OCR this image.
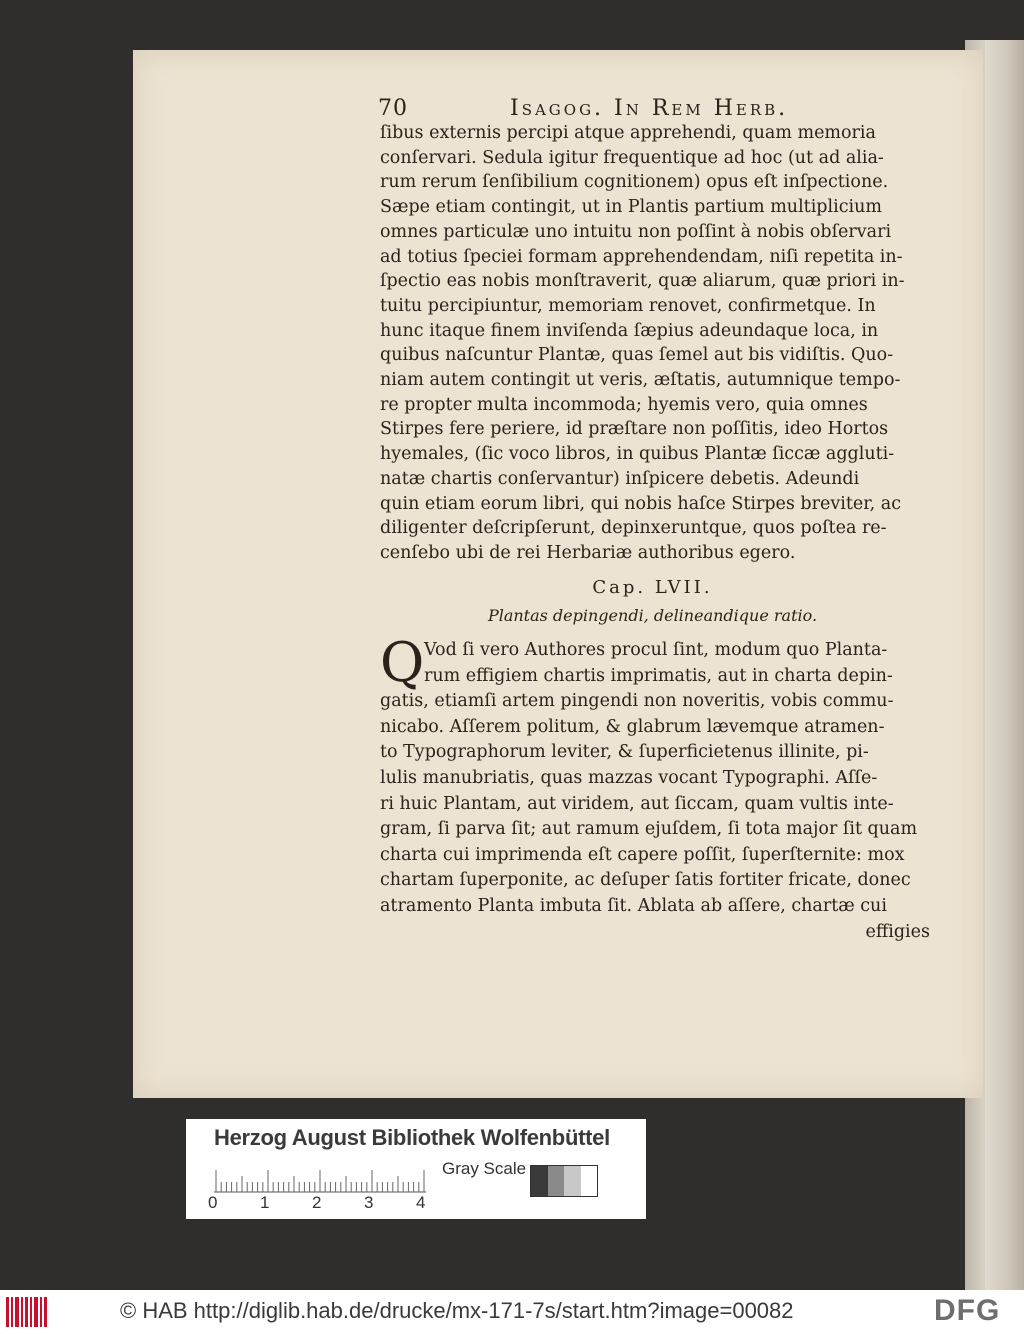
70	Isagog. In Rem Herb.
ſibus externis percipi atque apprehendi, quam memoria
conſervari. Sedula igitur frequentique ad hoc (ut ad alia-
rum rerum ſenſibilium cognitionem) opus eſt inſpectione.
Sæpe etiam contingit, ut in Plantis partium multiplicium
omnes particulæ uno intuitu non poſſint à nobis obſervari
ad totius ſpeciei formam apprehendendam, niſi repetita in-
ſpectio eas nobis monſtraverit, quæ aliarum, quæ priori in-
tuitu percipiuntur, memoriam renovet, confirmetque. In
hunc itaque finem inviſenda ſæpius adeundaque loca, in
quibus naſcuntur Plantæ, quas ſemel aut bis vidiſtis. Quo-
niam autem contingit ut veris, æſtatis, autumnique tempo-
re propter multa incommoda; hyemis vero, quia omnes
Stirpes fere periere, id præſtare non poſſitis, ideo Hortos
hyemales, (ſic voco libros, in quibus Plantæ ſiccæ aggluti-
natæ chartis conſervantur) inſpicere debetis. Adeundi
quin etiam eorum libri, qui nobis haſce Stirpes breviter, ac
diligenter deſcripſerunt, depinxeruntque, quos poſtea re-
cenſebo ubi de rei Herbariæ authoribus egero.
Cap. LVII.
Plantas depingendi, delineandique ratio.
Q Vod ſi vero Authores procul ſint, modum quo Planta-
rum effigiem chartis imprimatis, aut in charta depin-
gatis, etiamſi artem pingendi non noveritis, vobis commu-
nicabo. Aſſerem politum, & glabrum lævemque atramen-
to Typographorum leviter, & ſuperficietenus illinite, pi-
lulis manubriatis, quas mazzas vocant Typographi. Aſſe-
ri huic Plantam, aut viridem, aut ſiccam, quam vultis inte-
gram, ſi parva ſit; aut ramum ejuſdem, ſi tota major ſit quam
charta cui imprimenda eſt capere poſſit, ſuperſternite: mox
chartam ſuperponite, ac deſuper ſatis fortiter fricate, donec
atramento Planta imbuta ſit. Ablata ab aſſere, chartæ cui
effigies
Herzog August Bibliothek Wolfenbüttel
0	1	2	3	4
Gray Scale
© HAB http://diglib.hab.de/drucke/mx-171-7s/start.htm?image=00082	DFG
